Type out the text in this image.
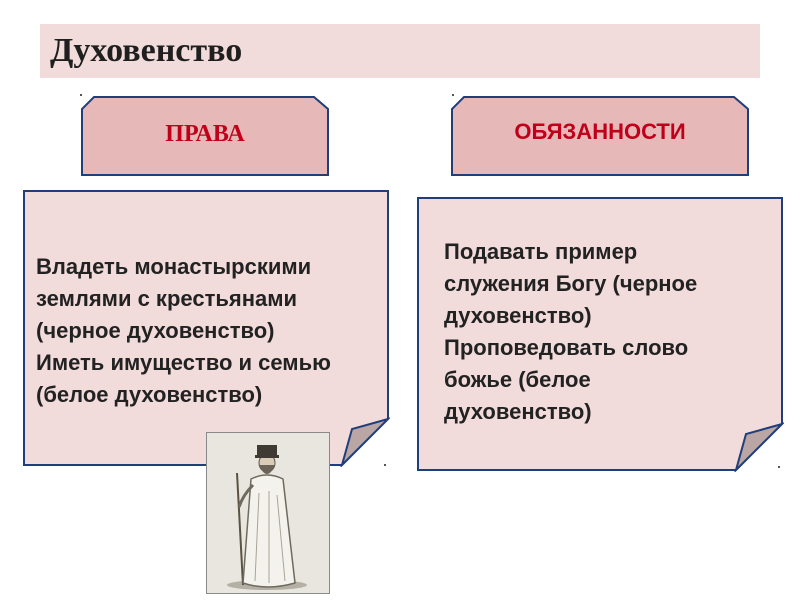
Духовенство
ПРАВА	ОБЯЗАННОСТИ
Владеть монастырскими
землями с крестьянами
(черное духовенство)
Иметь имущество и семью
(белое духовенство)
Подавать пример
служения Богу (черное
духовенство)
Проповедовать слово
божье (белое
духовенство)
